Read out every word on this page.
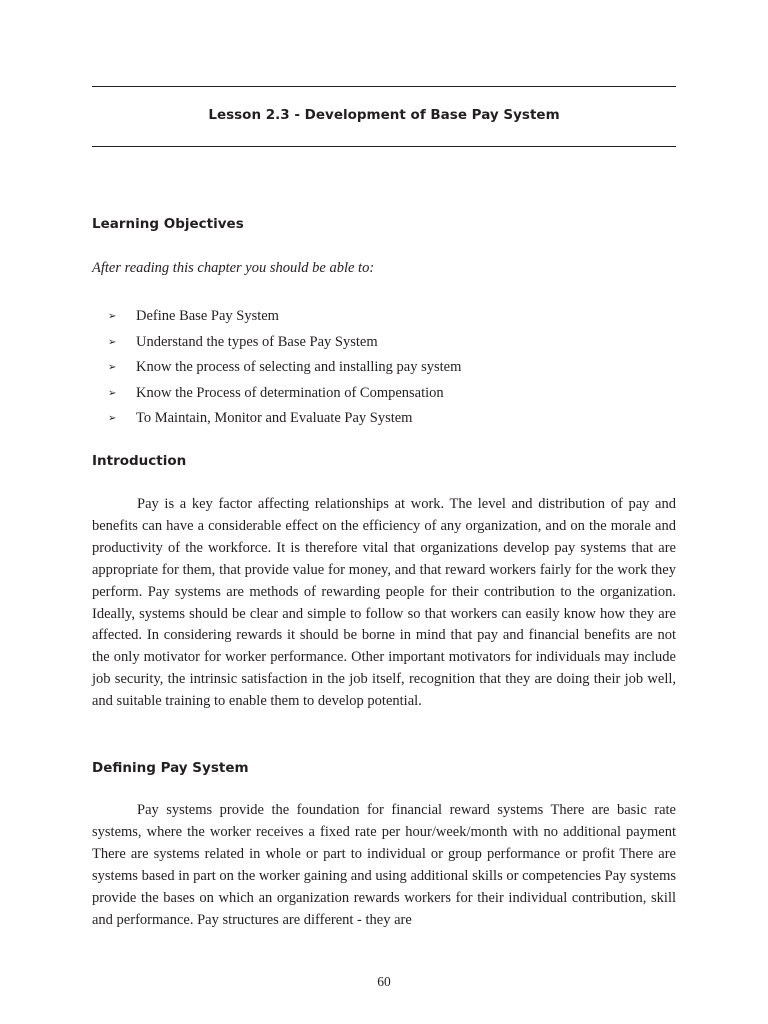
Lesson 2.3 - Development of Base Pay System
Learning Objectives

After reading this chapter you should be able to:

➢ Define Base Pay System
➢ Understand the types of Base Pay System
➢ Know the process of selecting and installing pay system
➢ Know the Process of determination of Compensation
➢ To Maintain, Monitor and Evaluate Pay System
Introduction

Pay is a key factor affecting relationships at work. The level and distribution of pay and benefits can have a considerable effect on the efficiency of any organization, and on the morale and productivity of the workforce. It is therefore vital that organizations develop pay systems that are appropriate for them, that provide value for money, and that reward workers fairly for the work they perform. Pay systems are methods of rewarding people for their contribution to the organization. Ideally, systems should be clear and simple to follow so that workers can easily know how they are affected. In considering rewards it should be borne in mind that pay and financial benefits are not the only motivator for worker performance. Other important motivators for individuals may include job security, the intrinsic satisfaction in the job itself, recognition that they are doing their job well, and suitable training to enable them to develop potential.

Defining Pay System

Pay systems provide the foundation for financial reward systems There are basic rate systems, where the worker receives a fixed rate per hour/week/month with no additional payment There are systems related in whole or part to individual or group performance or profit There are systems based in part on the worker gaining and using additional skills or competencies Pay systems provide the bases on which an organization rewards workers for their individual contribution, skill and performance. Pay structures are different - they are

60
